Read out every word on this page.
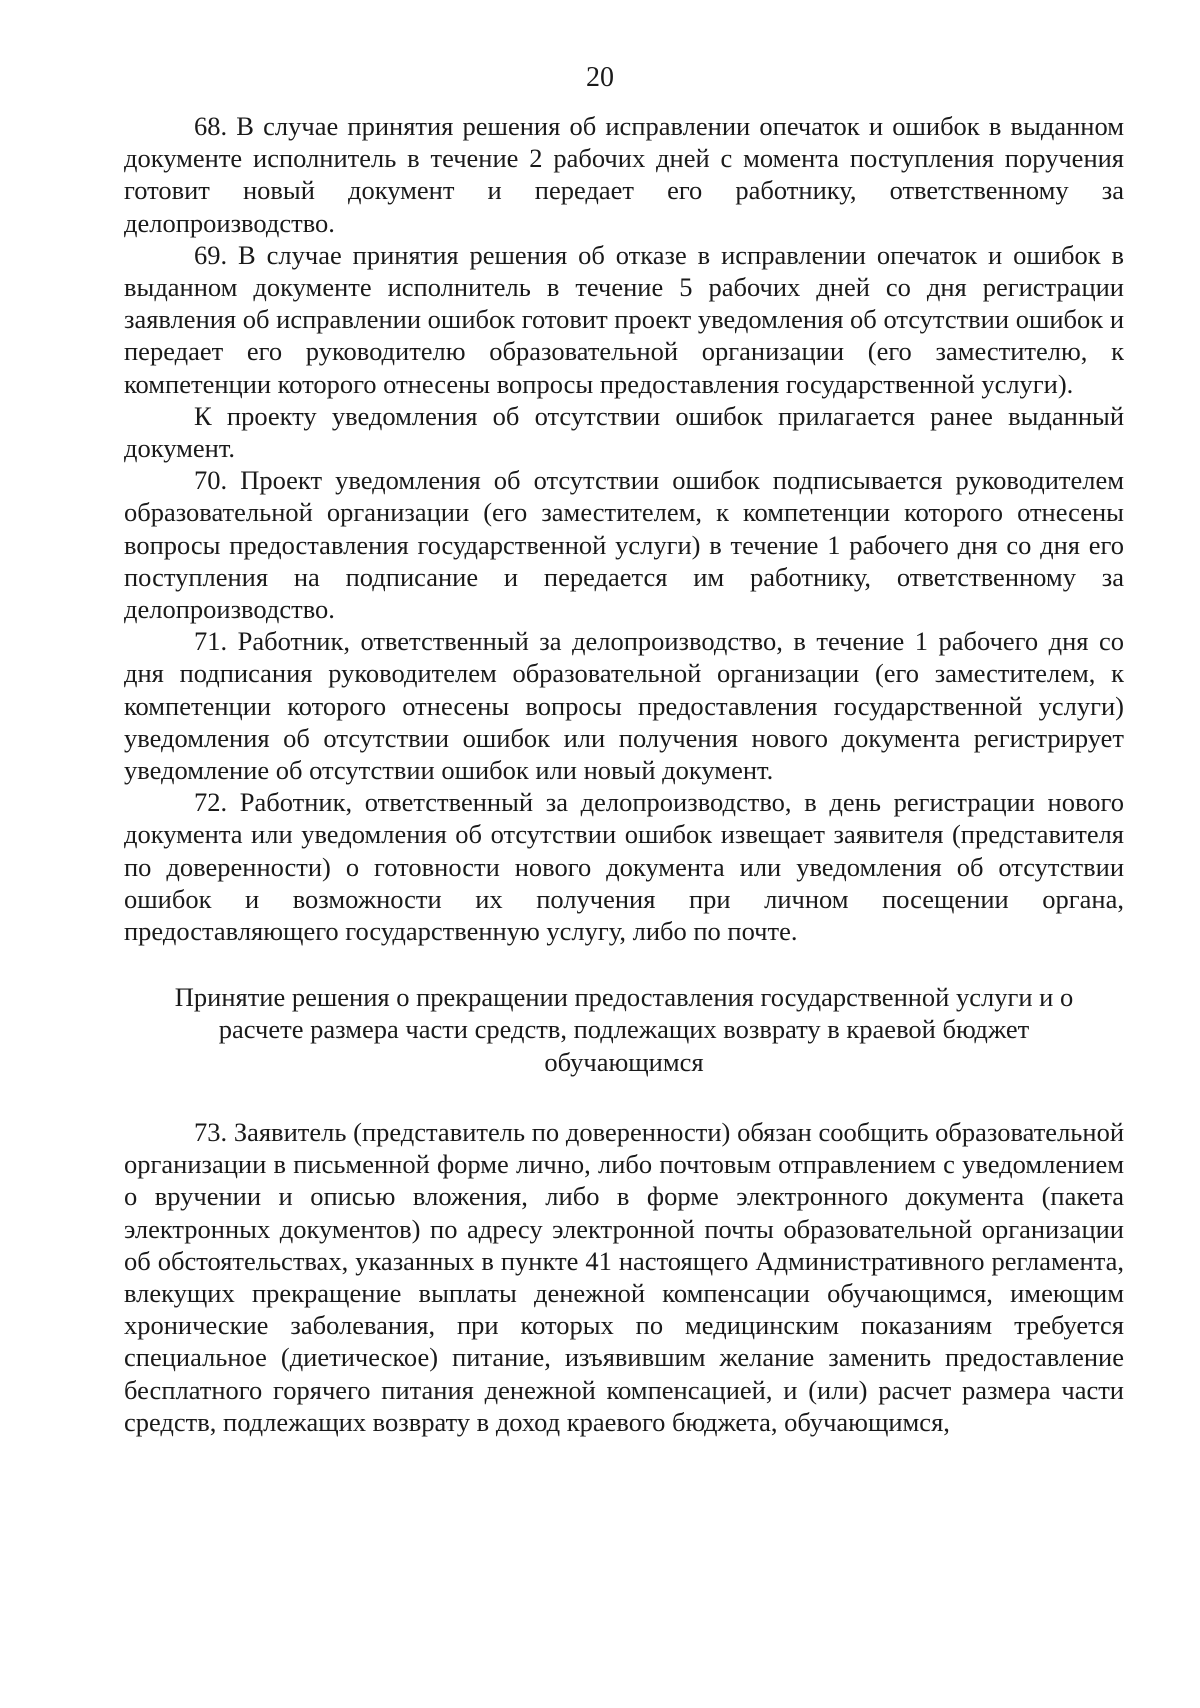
20

68. В случае принятия решения об исправлении опечаток и ошибок в выданном документе исполнитель в течение 2 рабочих дней с момента поступления поручения готовит новый документ и передает его работнику, ответственному за делопроизводство.

69. В случае принятия решения об отказе в исправлении опечаток и ошибок в выданном документе исполнитель в течение 5 рабочих дней со дня регистрации заявления об исправлении ошибок готовит проект уведомления об отсутствии ошибок и передает его руководителю образовательной организации (его заместителю, к компетенции которого отнесены вопросы предоставления государственной услуги).

К проекту уведомления об отсутствии ошибок прилагается ранее выданный документ.

70. Проект уведомления об отсутствии ошибок подписывается руководителем образовательной организации (его заместителем, к компетенции которого отнесены вопросы предоставления государственной услуги) в течение 1 рабочего дня со дня его поступления на подписание и передается им работнику, ответственному за делопроизводство.

71. Работник, ответственный за делопроизводство, в течение 1 рабочего дня со дня подписания руководителем образовательной организации (его заместителем, к компетенции которого отнесены вопросы предоставления государственной услуги) уведомления об отсутствии ошибок или получения нового документа регистрирует уведомление об отсутствии ошибок или новый документ.

72. Работник, ответственный за делопроизводство, в день регистрации нового документа или уведомления об отсутствии ошибок извещает заявителя (представителя по доверенности) о готовности нового документа или уведомления об отсутствии ошибок и возможности их получения при личном посещении органа, предоставляющего государственную услугу, либо по почте.

Принятие решения о прекращении предоставления государственной услуги и о расчете размера части средств, подлежащих возврату в краевой бюджет обучающимся

73. Заявитель (представитель по доверенности) обязан сообщить образовательной организации в письменной форме лично, либо почтовым отправлением с уведомлением о вручении и описью вложения, либо в форме электронного документа (пакета электронных документов) по адресу электронной почты образовательной организации об обстоятельствах, указанных в пункте 41 настоящего Административного регламента, влекущих прекращение выплаты денежной компенсации обучающимся, имеющим хронические заболевания, при которых по медицинским показаниям требуется специальное (диетическое) питание, изъявившим желание заменить предоставление бесплатного горячего питания денежной компенсацией, и (или) расчет размера части средств, подлежащих возврату в доход краевого бюджета, обучающимся,
